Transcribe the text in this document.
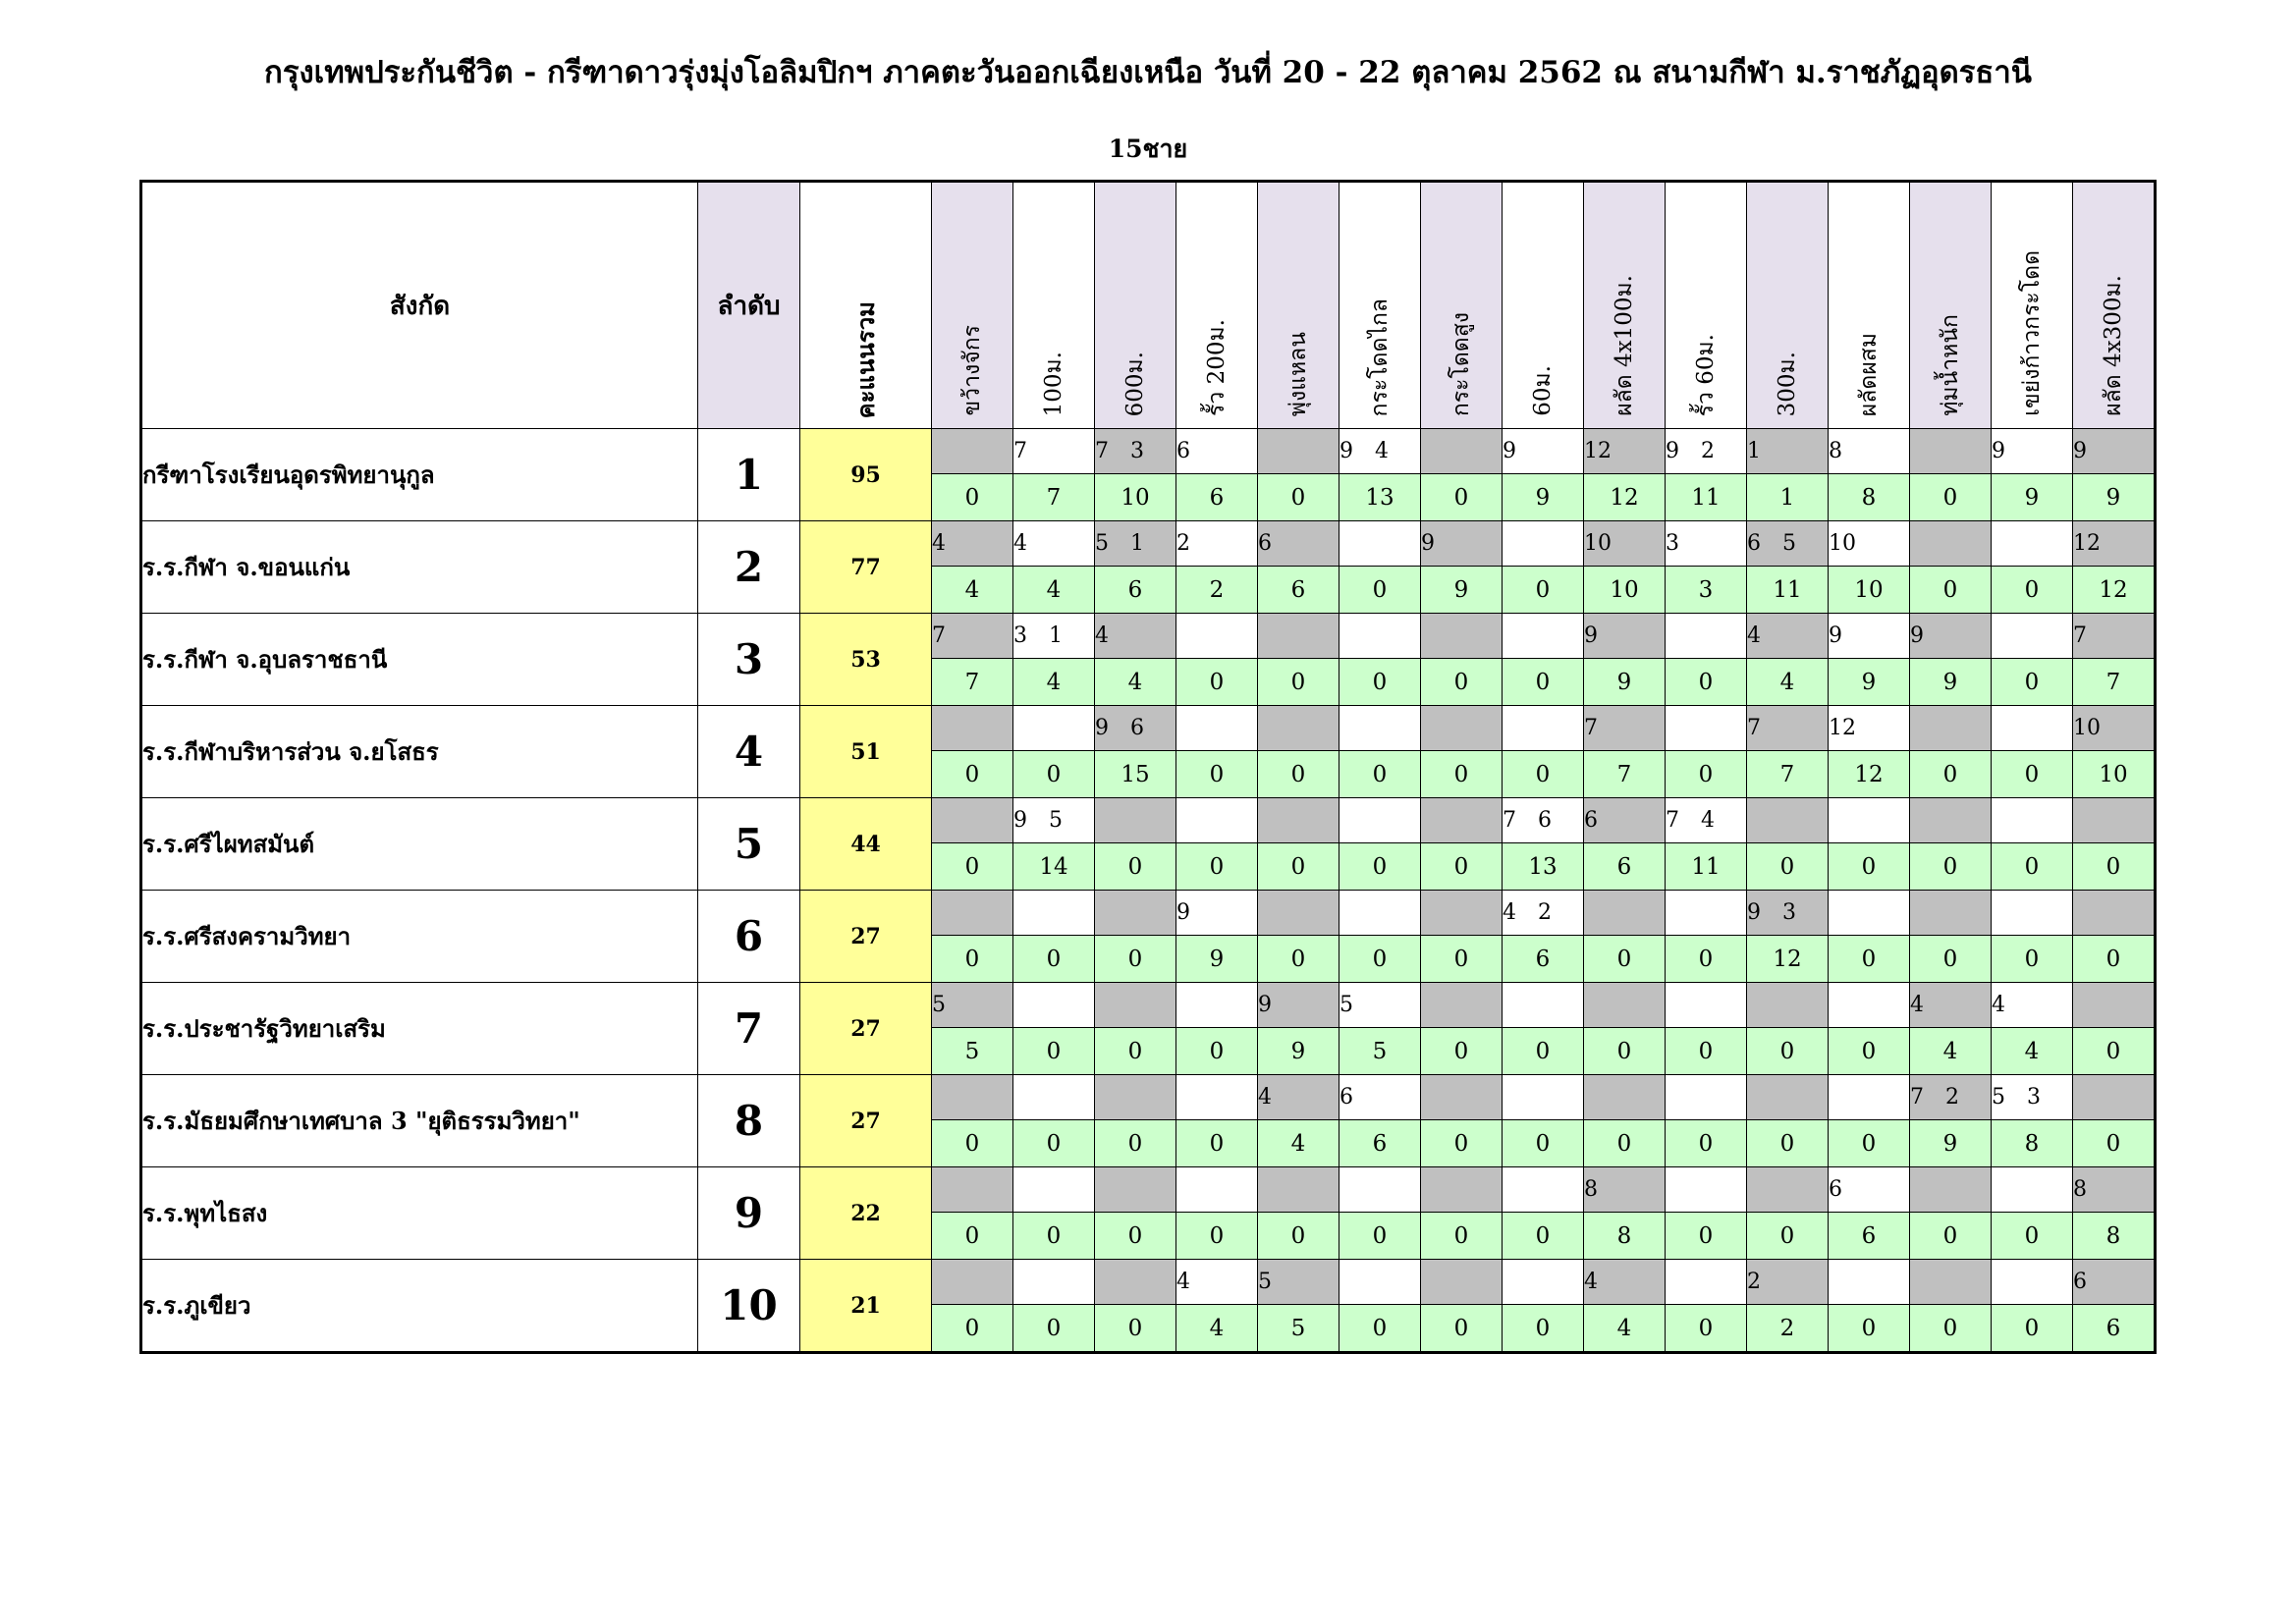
กรุงเทพประกันชีวิต - กรีฑาดาวรุ่งมุ่งโอลิมปิกฯ ภาคตะวันออกเฉียงเหนือ วันที่ 20 - 22 ตุลาคม 2562 ณ สนามกีฬา ม.ราชภัฏอุดรธานี
15ชาย
สังกัด	ลำดับ	คะแนนรวม	ขว้างจักร	100ม.	600ม.	รั้ว 200ม.	พุ่งแหลน	กระโดดไกล	กระโดดสูง	60ม.	ผลัด 4x100ม.	รั้ว 60ม.	300ม.	ผลัดผสม	ทุ่มน้ำหนัก	เขย่งก้าวกระโดด	ผลัด 4x300ม.
กรีฑาโรงเรียนอุดรพิทยานุกูล	1	95		7	7 3	6		9 4		9	12	9 2	1	8		9	9
			0	7	10	6	0	13	0	9	12	11	1	8	0	9	9
ร.ร.กีฬา จ.ขอนแก่น	2	77	4	4	5 1	2	6		9		10	3	6 5	10			12
			4	4	6	2	6	0	9	0	10	3	11	10	0	0	12
ร.ร.กีฬา จ.อุบลราชธานี	3	53	7	3 1	4						9		4	9	9		7
			7	4	4	0	0	0	0	0	9	0	4	9	9	0	7
ร.ร.กีฬาบริหารส่วน จ.ยโสธร	4	51			9 6						7		7	12			10
			0	0	15	0	0	0	0	0	7	0	7	12	0	0	10
ร.ร.ศรีไผทสมันต์	5	44		9 5						7 6	6	7 4					
			0	14	0	0	0	0	0	13	6	11	0	0	0	0	0
ร.ร.ศรีสงครามวิทยา	6	27				9				4 2			9 3				
			0	0	0	9	0	0	0	6	0	0	12	0	0	0	0
ร.ร.ประชารัฐวิทยาเสริม	7	27	5				9	5							4	4	
			5	0	0	0	9	5	0	0	0	0	0	0	4	4	0
ร.ร.มัธยมศึกษาเทศบาล 3 "ยุติธรรมวิทยา"	8	27					4	6							7 2	5 3	
			0	0	0	0	4	6	0	0	0	0	0	0	9	8	0
ร.ร.พุทไธสง	9	22									8			6			8
			0	0	0	0	0	0	0	0	8	0	0	6	0	0	8
ร.ร.ภูเขียว	10	21				4	5				4		2				6
			0	0	0	4	5	0	0	0	4	0	2	0	0	0	6
